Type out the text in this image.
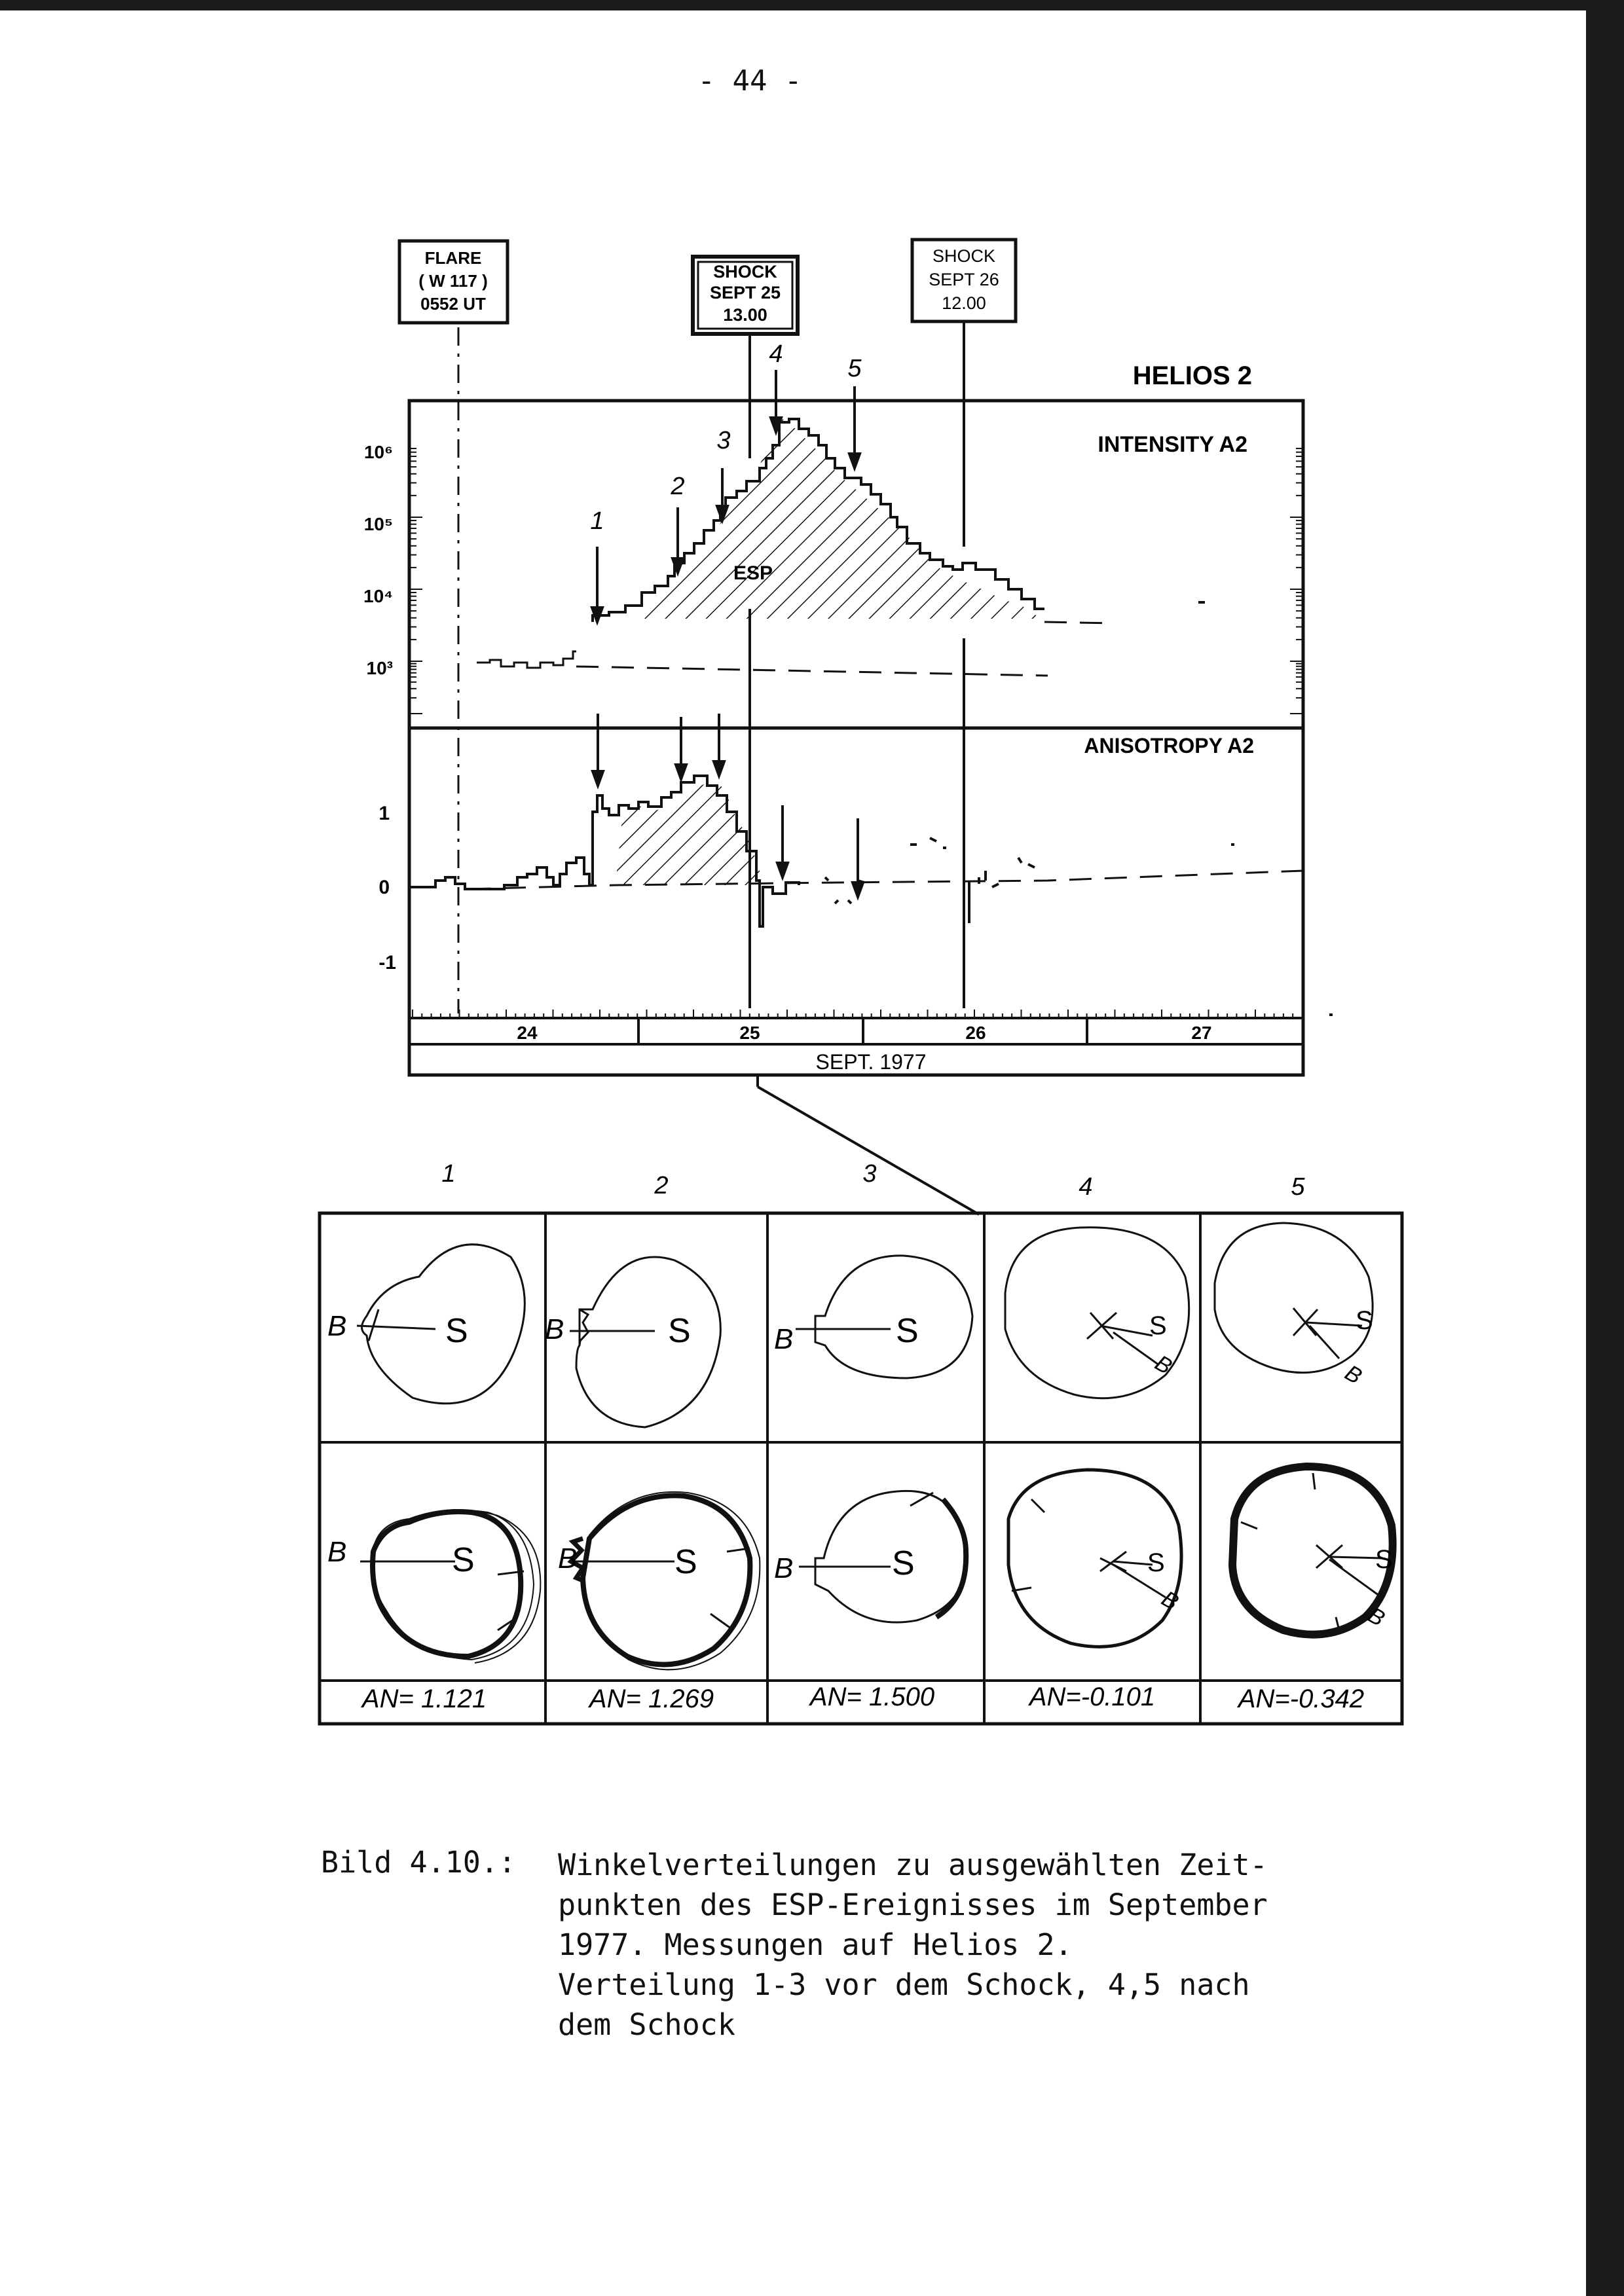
- 44 -
FLARE
( W 117 )
0552 UT
SHOCK
SEPT 25
13.00
SHOCK
SEPT 26
12.00
HELIOS 2
INTENSITY A2
ANISOTROPY A2
10⁶
10⁵
10⁴
10³
1
0
-1
ESP
1
2
3
4
5
24	25	26	27
SEPT. 1977
1	2	3	4	5
B	S	B	S	B	S	S
B
S
B
B	S	B	S	B	S	S
B
S
B
AN= 1.121	AN= 1.269	AN= 1.500	AN=-0.101	AN=-0.342
Bild 4.10.: Winkelverteilungen zu ausgewählten Zeit-
punkten des ESP-Ereignisses im September
1977. Messungen auf Helios 2.
Verteilung 1-3 vor dem Schock, 4,5 nach
dem Schock
